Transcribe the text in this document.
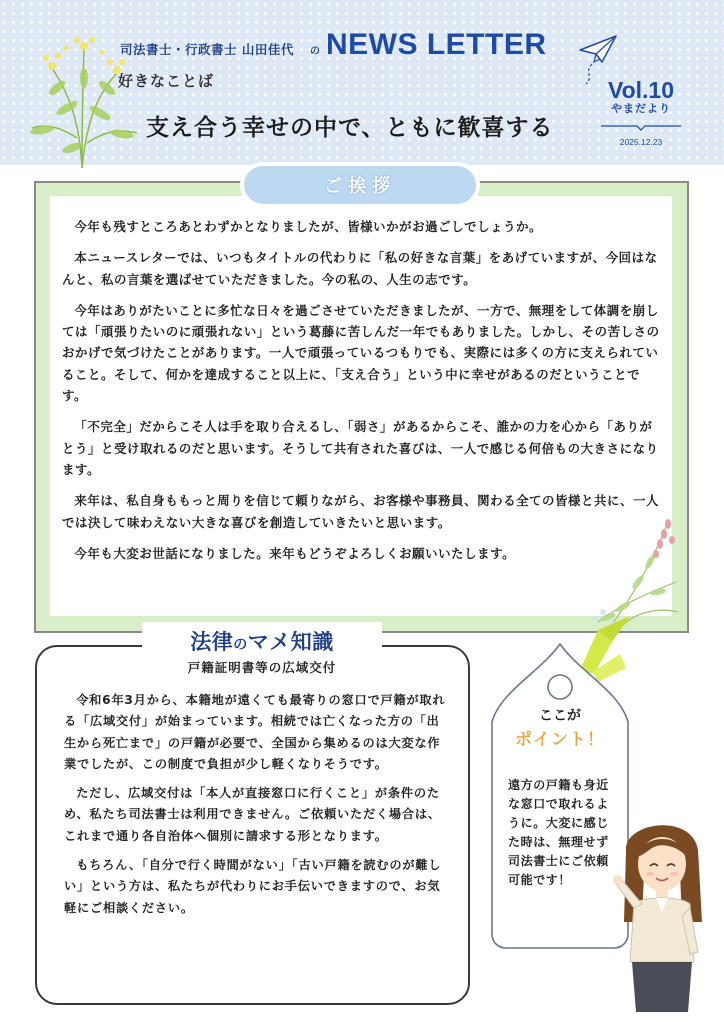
司法書士・行政書士 山田佳代 の NEWS LETTER
好きなことば
支え合う幸せの中で、ともに歓喜する
Vol.10
やまだより
2025.12.23
ご挨拶

今年も残すところあとわずかとなりましたが、皆様いかがお過ごしでしょうか。

本ニュースレターでは、いつもタイトルの代わりに「私の好きな言葉」をあげていますが、今回はなんと、私の言葉を選ばせていただきました。今の私の、人生の志です。

今年はありがたいことに多忙な日々を過ごさせていただきましたが、一方で、無理をして体調を崩しては「頑張りたいのに頑張れない」という葛藤に苦しんだ一年でもありました。しかし、その苦しさのおかげで気づけたことがあります。一人で頑張っているつもりでも、実際には多くの方に支えられていること。そして、何かを達成すること以上に、「支え合う」という中に幸せがあるのだということです。

「不完全」だからこそ人は手を取り合えるし、「弱さ」があるからこそ、誰かの力を心から「ありがとう」と受け取れるのだと思います。そうして共有された喜びは、一人で感じる何倍もの大きさになります。

来年は、私自身ももっと周りを信じて頼りながら、お客様や事務員、関わる全ての皆様と共に、一人では決して味わえない大きな喜びを創造していきたいと思います。

今年も大変お世話になりました。来年もどうぞよろしくお願いいたします。

法律のマメ知識
戸籍証明書等の広域交付

令和6年3月から、本籍地が遠くても最寄りの窓口で戸籍が取れる「広域交付」が始まっています。相続では亡くなった方の「出生から死亡まで」の戸籍が必要で、全国から集めるのは大変な作業でしたが、この制度で負担が少し軽くなりそうです。

ただし、広域交付は「本人が直接窓口に行くこと」が条件のため、私たち司法書士は利用できません。ご依頼いただく場合は、これまで通り各自治体へ個別に請求する形となります。

もちろん、「自分で行く時間がない」「古い戸籍を読むのが難しい」という方は、私たちが代わりにお手伝いできますので、お気軽にご相談ください。

ここが
ポイント！
遠方の戸籍も身近な窓口で取れるように。大変に感じた時は、無理せず司法書士にご依頼可能です！
